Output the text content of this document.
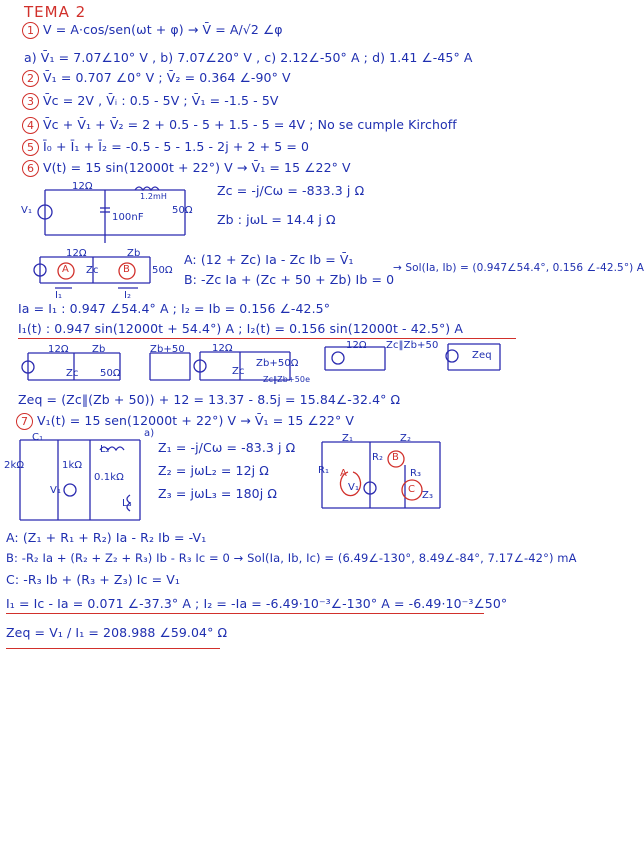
TEMA 2
1 V = A·cos/sen(ωt + φ) → V̄ = A/√2 ∠φ
a) V̄₁ = 7.07∠10° V , b) 7.07∠20° V , c) 2.12∠-50° A ; d) 1.41 ∠-45° A
2 V̄₁ = 0.707 ∠0° V ; V̄₂ = 0.364 ∠-90° V
3 V̄c = 2V , V̄ᵢ : 0.5 - 5V ; V̄₁ = -1.5 - 5V
4 V̄c + V̄₁ + V̄₂ = 2 + 0.5 - 5 + 1.5 - 5 = 4V ; No se cumple Kirchoff
5 Ī₀ + Ī₁ + Ī₂ = -0.5 - 5 - 1.5 - 2j + 2 + 5 = 0
6 V(t) = 15 sin(12000t + 22°) V → V̄₁ = 15 ∠22° V
12Ω
1.2mH
100nF
50Ω
V₁
Zc = -j/Cω = -833.3 j Ω
Zb : jωL = 14.4 j Ω
12Ω	Zb
Zc	50Ω
A	B
I₁	I₂
A: (12 + Zc) Ia - Zc Ib = V̄₁
B: -Zc Ia + (Zc + 50 + Zb) Ib = 0
→ Sol(Ia, Ib) = (0.947∠54.4°, 0.156 ∠-42.5°) A
Ia = I₁ : 0.947 ∠54.4° A ; I₂ = Ib = 0.156 ∠-42.5°
I₁(t) : 0.947 sin(12000t + 54.4°) A ; I₂(t) = 0.156 sin(12000t - 42.5°) A
12Ω Zb
Zc 50Ω
Zb+50	12Ω
Zc
Zb+50Ω
12Ω Zc‖Zb+50
Zeq
Zc‖Zb+50e
Zeq = (Zc‖(Zb + 50)) + 12 = 13.37 - 8.5j = 15.84∠-32.4° Ω
7 V₁(t) = 15 sen(12000t + 22°) V → V̄₁ = 15 ∠22° V
C₁	a)
2kΩ	1kΩ
L₂
0.1kΩ
L₃
V₁
Z₁ = -j/Cω = -83.3 j Ω
Z₂ = jωL₂ = 12j Ω
Z₃ = jωL₃ = 180j Ω
Z₁	Z₂
R₁
R₂
A
B
V₁
R₃
C
Z₃
A: (Z₁ + R₁ + R₂) Ia - R₂ Ib = -V₁
B: -R₂ Ia + (R₂ + Z₂ + R₃) Ib - R₃ Ic = 0 → Sol(Ia, Ib, Ic) = (6.49∠-130°, 8.49∠-84°, 7.17∠-42°) mA
C: -R₃ Ib + (R₃ + Z₃) Ic = V₁
I₁ = Ic - Ia = 0.071 ∠-37.3° A ; I₂ = -Ia = -6.49·10⁻³∠-130° A = -6.49·10⁻³∠50°
Zeq = V₁ / I₁ = 208.988 ∠59.04° Ω
